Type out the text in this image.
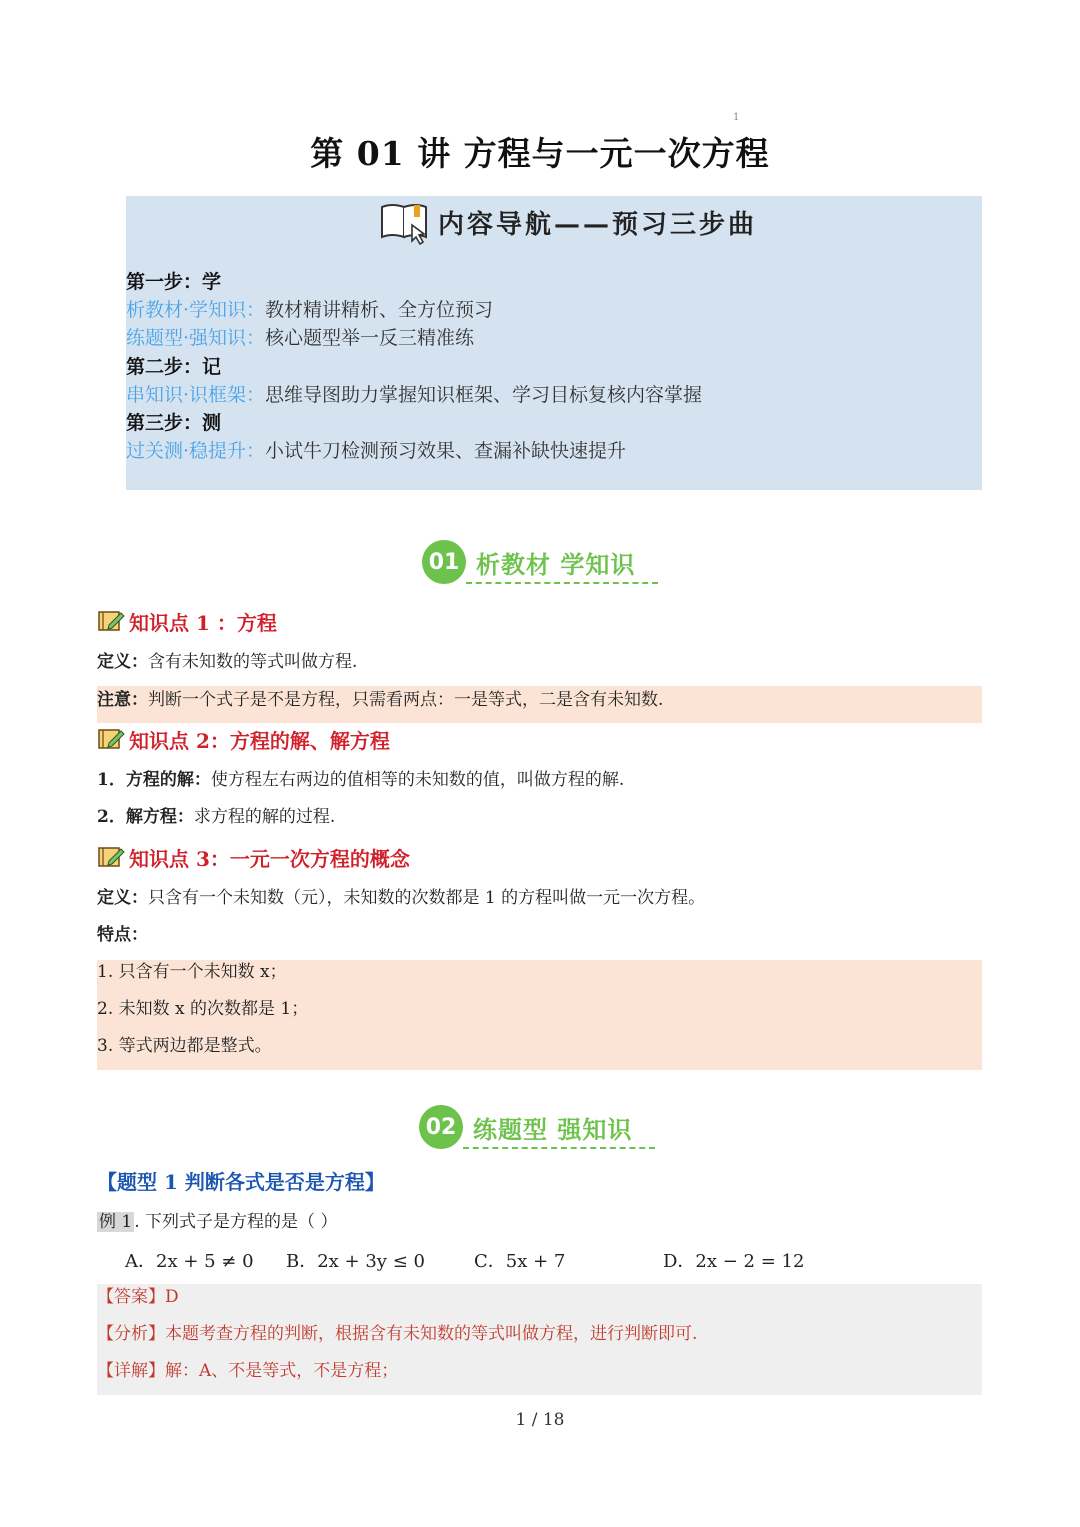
1
第 01 讲 方程与一元一次方程
内容导航——预习三步曲
第一步：学
析教材·学知识：教材精讲精析、全方位预习
练题型·强知识：核心题型举一反三精准练
第二步：记
串知识·识框架：思维导图助力掌握知识框架、学习目标复核内容掌握
第三步：测
过关测·稳提升：小试牛刀检测预习效果、查漏补缺快速提升
01 析教材 学知识
知识点 1 ：方程
定义：含有未知数的等式叫做方程.
注意：判断一个式子是不是方程，只需看两点：一是等式，二是含有未知数.
知识点 2：方程的解、解方程
1．方程的解：使方程左右两边的值相等的未知数的值，叫做方程的解.
2．解方程：求方程的解的过程.
知识点 3：一元一次方程的概念
定义：只含有一个未知数（元），未知数的次数都是 1 的方程叫做一元一次方程。
特点：
1. 只含有一个未知数 x；
2. 未知数 x 的次数都是 1；
3. 等式两边都是整式。
02 练题型 强知识
【题型 1 判断各式是否是方程】
例 1 . 下列式子是方程的是（ ）
A．2x + 5 ≠ 0 B．2x + 3y ≤ 0	C．5x + 7	D．2x − 2 = 12
【答案】D
【分析】本题考查方程的判断，根据含有未知数的等式叫做方程，进行判断即可.
【详解】解：A、不是等式，不是方程；
1 / 18
